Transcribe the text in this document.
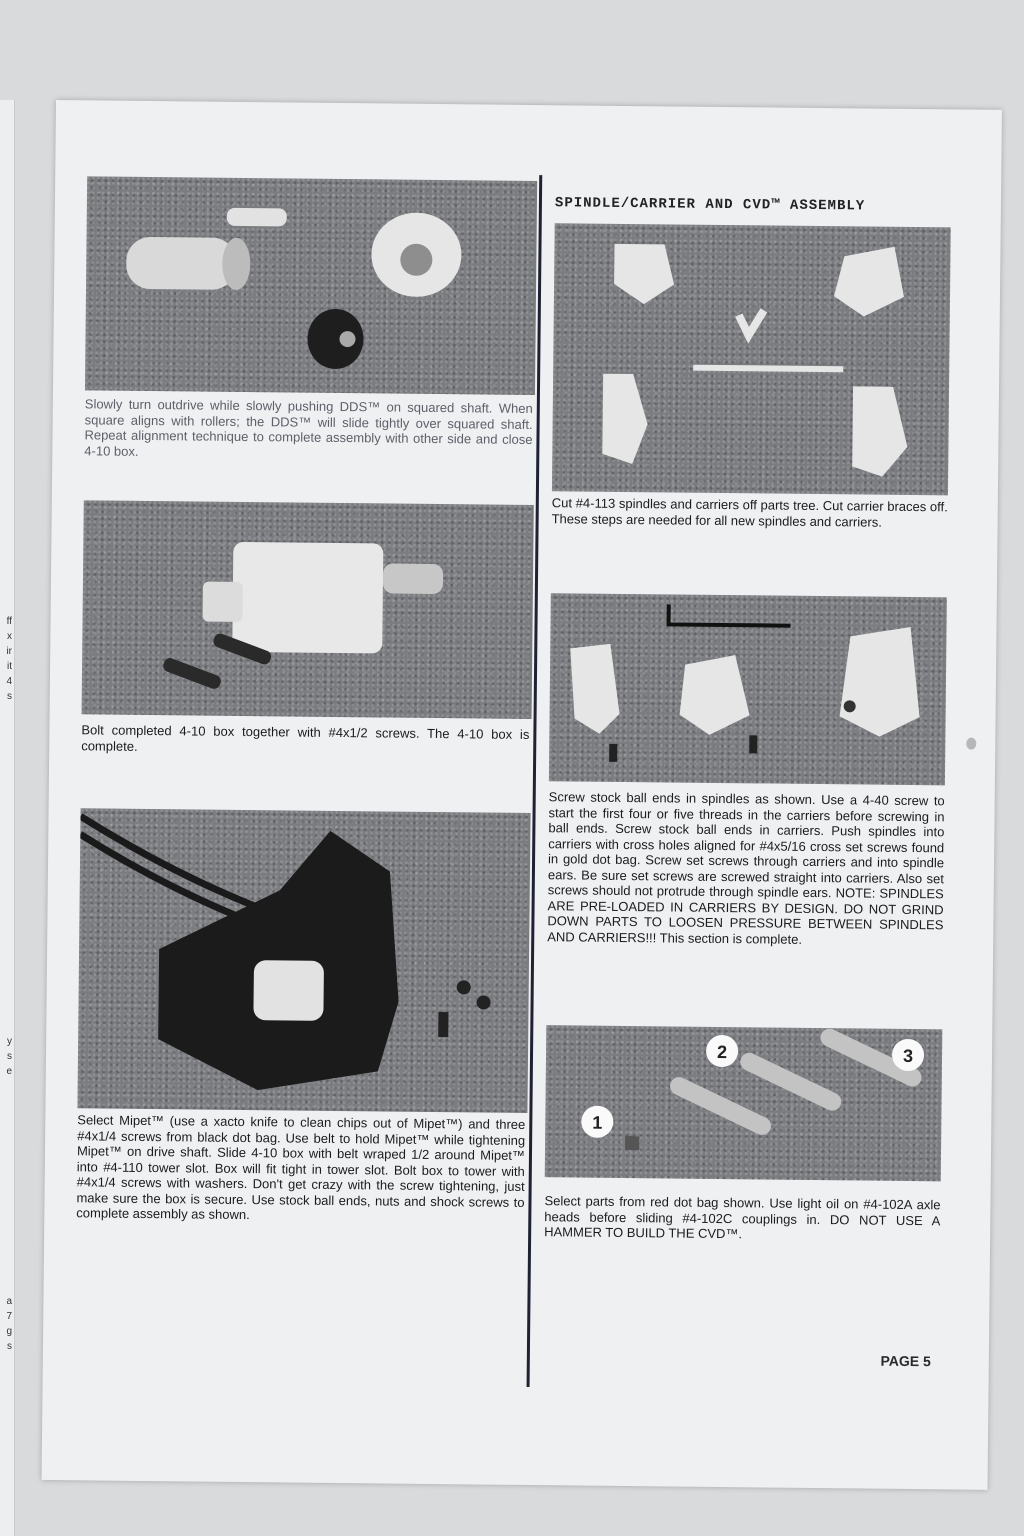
ff
x
ir
it
4
s
y
s
e
a
7
g
s
Slowly turn outdrive while slowly pushing DDS™ on squared shaft. When square aligns with rollers; the DDS™ will slide tightly over squared shaft. Repeat alignment technique to complete assembly with other side and close 4-10 box.
Bolt completed 4-10 box together with #4x1/2 screws. The 4-10 box is complete.
Select Mipet™ (use a xacto knife to clean chips out of Mipet™) and three #4x1/4 screws from black dot bag. Use belt to hold Mipet™ while tightening Mipet™ on drive shaft. Slide 4-10 box with belt wraped 1/2 around Mipet™ into #4-110 tower slot. Box will fit tight in tower slot. Bolt box to tower with #4x1/4 screws with washers. Don't get crazy with the screw tightening, just make sure the box is secure. Use stock ball ends, nuts and shock screws to complete assembly as shown.
SPINDLE/CARRIER AND CVD™ ASSEMBLY
Cut #4-113 spindles and carriers off parts tree. Cut carrier braces off. These steps are needed for all new spindles and carriers.
Screw stock ball ends in spindles as shown. Use a 4-40 screw to start the first four or five threads in the carriers before screwing in ball ends. Screw stock ball ends in carriers. Push spindles into carriers with cross holes aligned for #4x5/16 cross set screws found in gold dot bag. Screw set screws through carriers and into spindle ears. Be sure set screws are screwed straight into carriers. Also set screws should not protrude through spindle ears. NOTE: SPINDLES ARE PRE-LOADED IN CARRIERS BY DESIGN. DO NOT GRIND DOWN PARTS TO LOOSEN PRESSURE BETWEEN SPINDLES AND CARRIERS!!! This section is complete.
1
2	3
Select parts from red dot bag shown. Use light oil on #4-102A axle heads before sliding #4-102C couplings in. DO NOT USE A HAMMER TO BUILD THE CVD™.
PAGE 5
